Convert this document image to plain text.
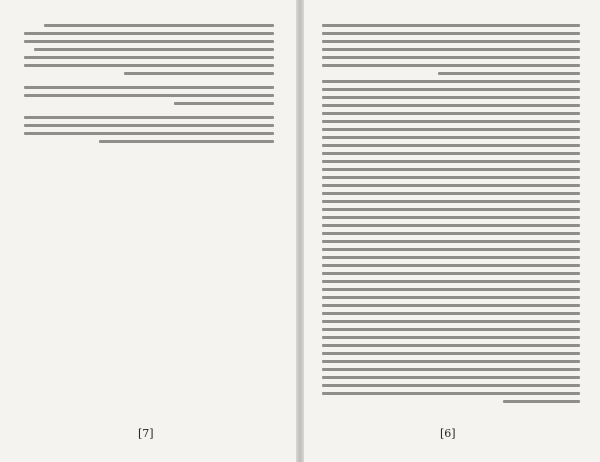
[7]	[6]
